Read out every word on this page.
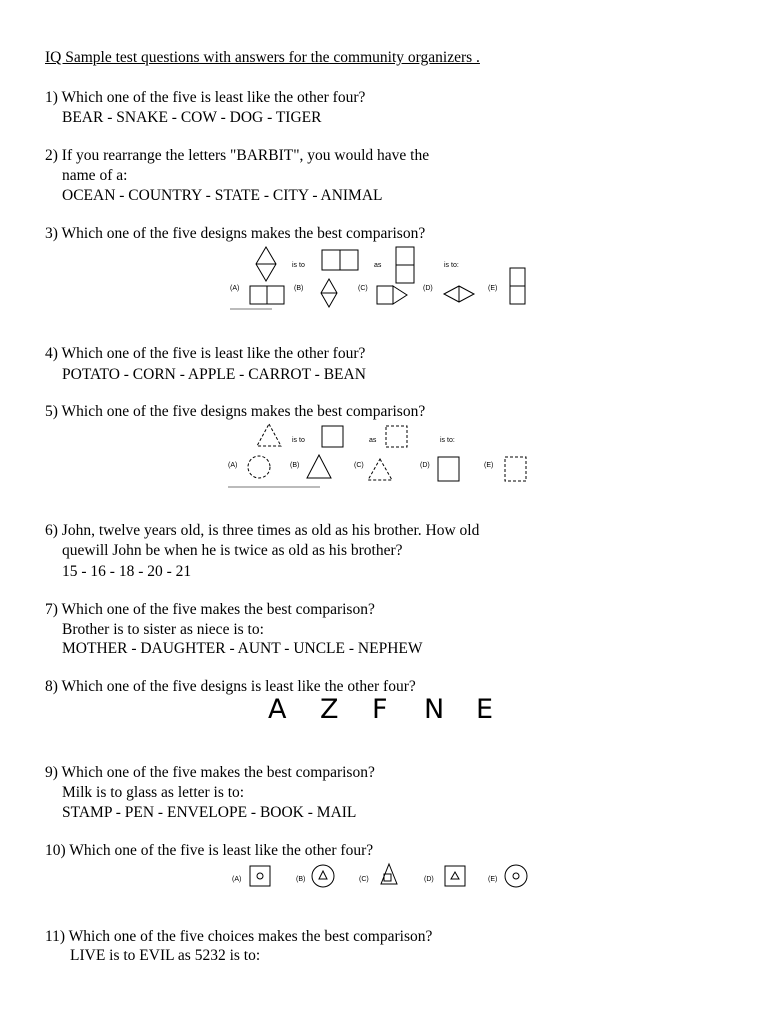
IQ Sample test questions with answers for the community organizers .
1) Which one of the five is least like the other four?
BEAR - SNAKE - COW - DOG - TIGER
2) If you rearrange the letters "BARBIT", you would have the
name of a:
OCEAN - COUNTRY - STATE - CITY - ANIMAL
3) Which one of the five designs makes the best comparison?
is to	as	is to:
(A)	(B)	(C)	(D)	(E)
4) Which one of the five is least like the other four?
POTATO - CORN - APPLE - CARROT - BEAN
5) Which one of the five designs makes the best comparison?
is to	as	is to:
(A)	(B)	(C)	(D)	(E)
6) John, twelve years old, is three times as old as his brother. How old
quewill John be when he is twice as old as his brother?
15 - 16 - 18 - 20 - 21
7) Which one of the five makes the best comparison?
Brother is to sister as niece is to:
MOTHER - DAUGHTER - AUNT - UNCLE - NEPHEW
8) Which one of the five designs is least like the other four?
A Z F N E
9) Which one of the five makes the best comparison?
Milk is to glass as letter is to:
STAMP - PEN - ENVELOPE - BOOK - MAIL
10) Which one of the five is least like the other four?
(A)	(B)	(C)	(D)	(E)
11) Which one of the five choices makes the best comparison?
LIVE is to EVIL as 5232 is to:
